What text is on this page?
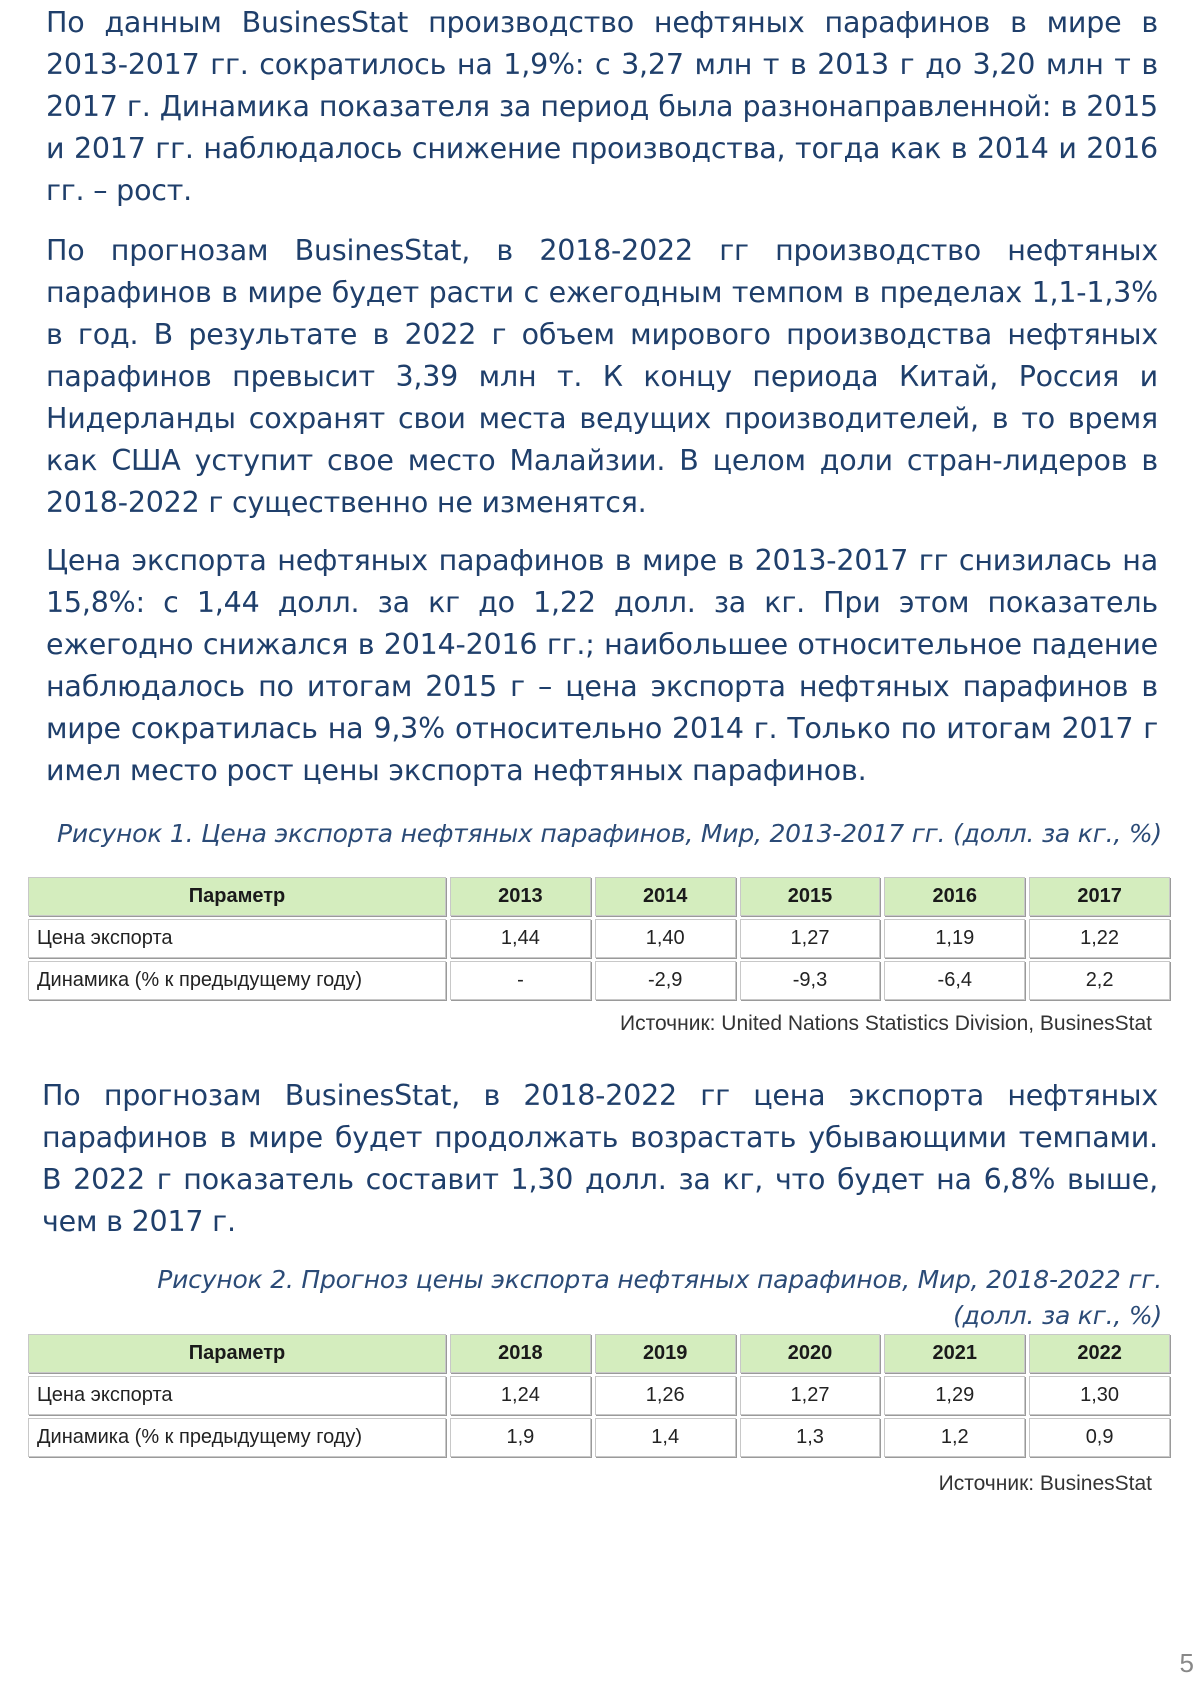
По данным BusinesStat производство нефтяных парафинов в мире в 2013-2017 гг. сократилось на 1,9%: с 3,27 млн т в 2013 г до 3,20 млн т в 2017 г. Динамика показателя за период была разнонаправленной: в 2015 и 2017 гг. наблюдалось снижение производства, тогда как в 2014 и 2016 гг. – рост.

По прогнозам BusinesStat, в 2018-2022 гг производство нефтяных парафинов в мире будет расти с ежегодным темпом в пределах 1,1-1,3% в год. В результате в 2022 г объем мирового производства нефтяных парафинов превысит 3,39 млн т. К концу периода Китай, Россия и Нидерланды сохранят свои места ведущих производителей, в то время как США уступит свое место Малайзии. В целом доли стран-лидеров в 2018-2022 г существенно не изменятся.

Цена экспорта нефтяных парафинов в мире в 2013-2017 гг снизилась на 15,8%: с 1,44 долл. за кг до 1,22 долл. за кг. При этом показатель ежегодно снижался в 2014-2016 гг.; наибольшее относительное падение наблюдалось по итогам 2015 г – цена экспорта нефтяных парафинов в мире сократилась на 9,3% относительно 2014 г. Только по итогам 2017 г имел место рост цены экспорта нефтяных парафинов.

Рисунок 1. Цена экспорта нефтяных парафинов, Мир, 2013-2017 гг. (долл. за кг., %)

Параметр	2013	2014	2015	2016	2017
Цена экспорта	1,44	1,40	1,27	1,19	1,22
Динамика (% к предыдущему году)	-	-2,9	-9,3	-6,4	2,2

Источник: United Nations Statistics Division, BusinesStat

По прогнозам BusinesStat, в 2018-2022 гг цена экспорта нефтяных парафинов в мире будет продолжать возрастать убывающими темпами. В 2022 г показатель составит 1,30 долл. за кг, что будет на 6,8% выше, чем в 2017 г.

Рисунок 2. Прогноз цены экспорта нефтяных парафинов, Мир, 2018-2022 гг. (долл. за кг., %)

Параметр	2018	2019	2020	2021	2022
Цена экспорта	1,24	1,26	1,27	1,29	1,30
Динамика (% к предыдущему году)	1,9	1,4	1,3	1,2	0,9

Источник: BusinesStat

5
